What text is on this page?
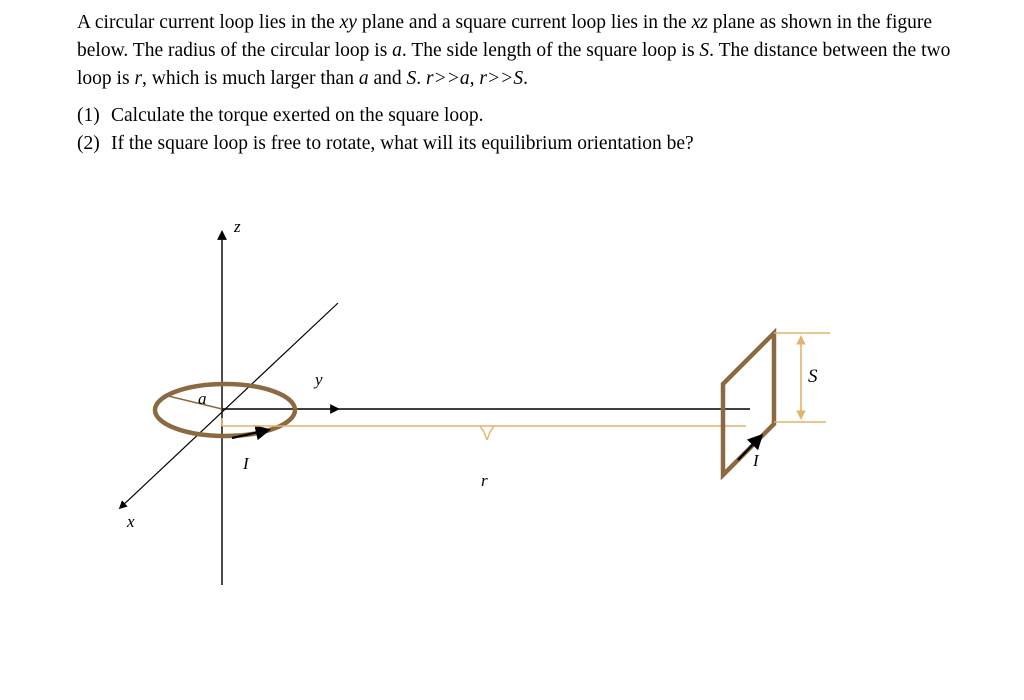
A circular current loop lies in the xy plane and a square current loop lies in the xz plane as shown in the figure below. The radius of the circular loop is a. The side length of the square loop is S. The distance between the two loop is r, which is much larger than a and S. r>>a, r>>S.

(1) Calculate the torque exerted on the square loop.
(2) If the square loop is free to rotate, what will its equilibrium orientation be?
z
y
x
a
I
r
I
S
